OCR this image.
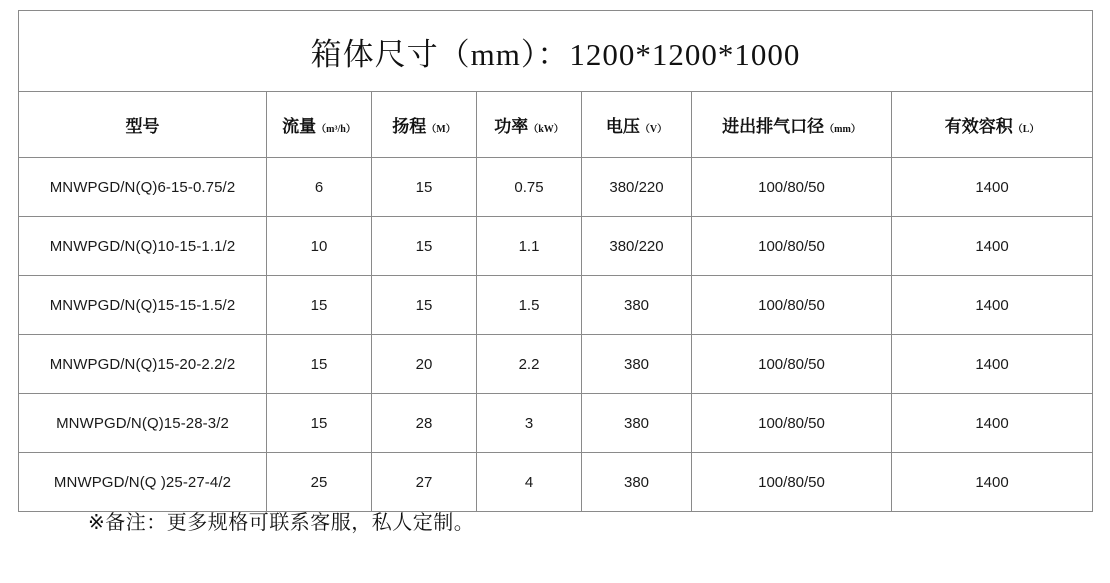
箱体尺寸（mm）：1200*1200*1000						
型号	流量（m³/h）	扬程（M）	功率（kW）	电压（V）	进出排气口径（mm）	有效容积（L）
MNWPGD/N(Q)6-15-0.75/2	6	15	0.75	380/220	100/80/50	1400
MNWPGD/N(Q)10-15-1.1/2	10	15	1.1	380/220	100/80/50	1400
MNWPGD/N(Q)15-15-1.5/2	15	15	1.5	380	100/80/50	1400
MNWPGD/N(Q)15-20-2.2/2	15	20	2.2	380	100/80/50	1400
MNWPGD/N(Q)15-28-3/2	15	28	3	380	100/80/50	1400
MNWPGD/N(Q )25-27-4/2	25	27	4	380	100/80/50	1400
※备注：更多规格可联系客服，私人定制。
